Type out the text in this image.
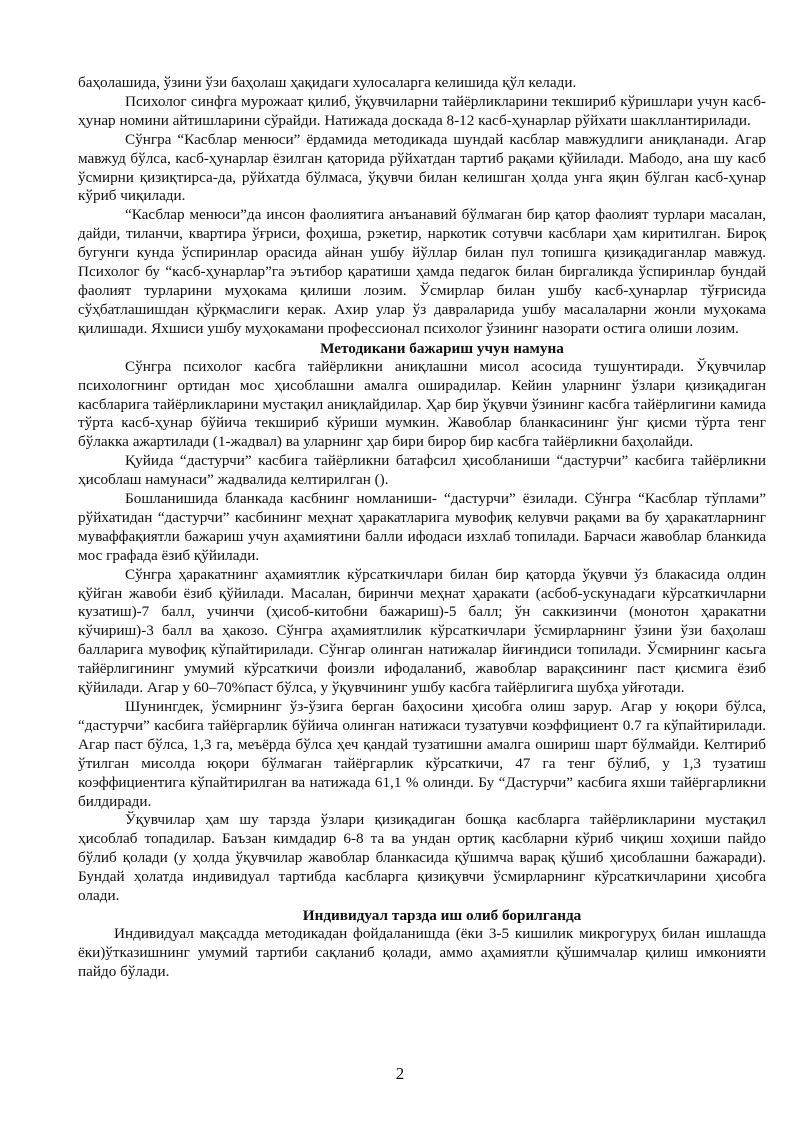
баҳолашида, ўзини ўзи баҳолаш ҳақидаги хулосаларга келишида қўл келади.

Психолог синфга мурожаат қилиб, ўқувчиларни тайёрликларини текшириб кўришлари учун касб-ҳунар номини айтишларини сўрайди. Натижада доскада 8-12 касб-ҳунарлар рўйхати шакллантирилади.

Сўнгра “Касблар менюси” ёрдамида методикада шундай касблар мавжудлиги аниқланади. Агар мавжуд бўлса, касб-ҳунарлар ёзилган қаторида рўйхатдан тартиб рақами қўйилади. Мабодо, ана шу касб ўсмирни қизиқтирса-да, рўйхатда бўлмаса, ўқувчи билан келишган ҳолда унга яқин бўлган касб-ҳунар кўриб чиқилади.

“Касблар менюси”да инсон фаолиятига анъанавий бўлмаган бир қатор фаолият турлари масалан, дайди, тиланчи, квартира ўғриси, фоҳиша, рэкетир, наркотик сотувчи касблари ҳам киритилган. Бироқ бугунги кунда ўспиринлар орасида айнан ушбу йўллар билан пул топишга қизиқадиганлар мавжуд. Психолог бу “касб-ҳунарлар”га эътибор қаратиши ҳамда педагок билан биргаликда ўспиринлар бундай фаолият турларини муҳокама қилиши лозим. Ўсмирлар билан ушбу касб-ҳунарлар тўғрисида сўҳбатлашишдан қўрқмаслиги керак. Ахир улар ўз даврaларида ушбу масалаларни жонли муҳокама қилишади. Яхшиси ушбу муҳокамани профессионал психолог ўзининг назорати остига олиши лозим.

Методикани бажариш учун намуна

Сўнгра психолог касбга тайёрликни аниқлашни мисол асосида тушунтиради. Ўқувчилар психологнинг ортидан мос ҳисоблашни амалга оширадилар. Кейин уларнинг ўзлари қизиқадиган касбларига тайёрликларини мустақил аниқлайдилар. Ҳар бир ўқувчи ўзининг касбга тайёрлигини камида тўрта касб-ҳунар бўйича текшириб кўриши мумкин. Жавоблар бланкасининг ўнг қисми тўрта тенг бўлакка ажартилади (1-жадвал) ва уларнинг ҳар бири бирор бир касбга тайёрликни баҳолайди.

Қуйида “дастурчи” касбига тайёрликни батафсил ҳисобланиши “дастурчи” касбига тайёрликни ҳисоблаш намунаси” жадвалида келтирилган ().

Бошланишида бланкада касбнинг номланиши- “дастурчи” ёзилади. Сўнгра “Касблар тўплами” рўйхатидан “дастурчи” касбининг меҳнат ҳаракатларига мувофиқ келувчи рақами ва бу ҳаракатларнинг муваффақиятли бажариш учун аҳамиятини балли ифодаси изхлаб топилади. Барчаси жавоблар бланкида мос графада ёзиб қўйилади.

Сўнгра ҳаракатнинг аҳамиятлик кўрсаткичлари билан бир қаторда ўқувчи ўз блакасида олдин қўйган жавоби ёзиб қўйилади. Масалан, биринчи меҳнат ҳаракати (асбоб-ускунадаги кўрсаткичларни кузатиш)-7 балл, учинчи (ҳисоб-китобни бажариш)-5 балл; ўн саккизинчи (монотон ҳаракатни кўчириш)-3 балл ва ҳакозо. Сўнгра аҳамиятлилик кўрсаткичлари ўсмирларнинг ўзини ўзи баҳолаш балларига мувофиқ кўпайтирилади. Сўнгар олинган натижалар йиғиндиси топилади. Ўсмирнинг касьга тайёрлигининг умумий кўрсаткичи фоизли ифодаланиб, жавоблар варақсининг паст қисмига ёзиб қўйилади. Агар у 60–70%паст бўлса, у ўқувчининг ушбу касбга тайёрлигига шубҳа уйғотади.

Шунингдек, ўсмирнинг ўз-ўзига берган баҳосини ҳисобга олиш зарур. Агар у юқори бўлса, “дастурчи” касбига тайёргарлик бўйича олинган натижаси тузатувчи коэффициент 0.7 га кўпайтирилади. Агар паст бўлса, 1,3 га, меъёрда бўлса ҳеч қандай тузатишни амалга ошириш шарт бўлмайди. Келтириб ўтилган мисолда юқори бўлмаган тайёргарлик кўрсаткичи, 47 га тенг бўлиб, у 1,3 тузатиш коэффициентига кўпайтирилган ва натижада 61,1 % олинди. Бу “Дастурчи” касбига яхши тайёргарликни билдиради.

Ўқувчилар ҳам шу тарзда ўзлари қизиқадиган бошқа касбларга тайёрликларини мустақил ҳисоблаб топадилар. Баъзан кимдадир 6-8 та ва ундан ортиқ касбларни кўриб чиқиш хоҳиши пайдо бўлиб қолади (у ҳолда ўқувчилар жавоблар бланкасида қўшимча варақ қўшиб ҳисоблашни бажаради). Бундай ҳолатда индивидуал тартибда касбларга қизиқувчи ўсмирларнинг кўрсаткичларини ҳисобга олади.

Индивидуал тарзда иш олиб борилганда

Индивидуал мақсадда методикадан фойдаланишда (ёки 3-5 кишилик микрогуруҳ билан ишлашда ёки)ўтказишнинг умумий тартиби сақланиб қолади, аммо аҳамиятли қўшимчалар қилиш имконияти пайдо бўлади.

2
